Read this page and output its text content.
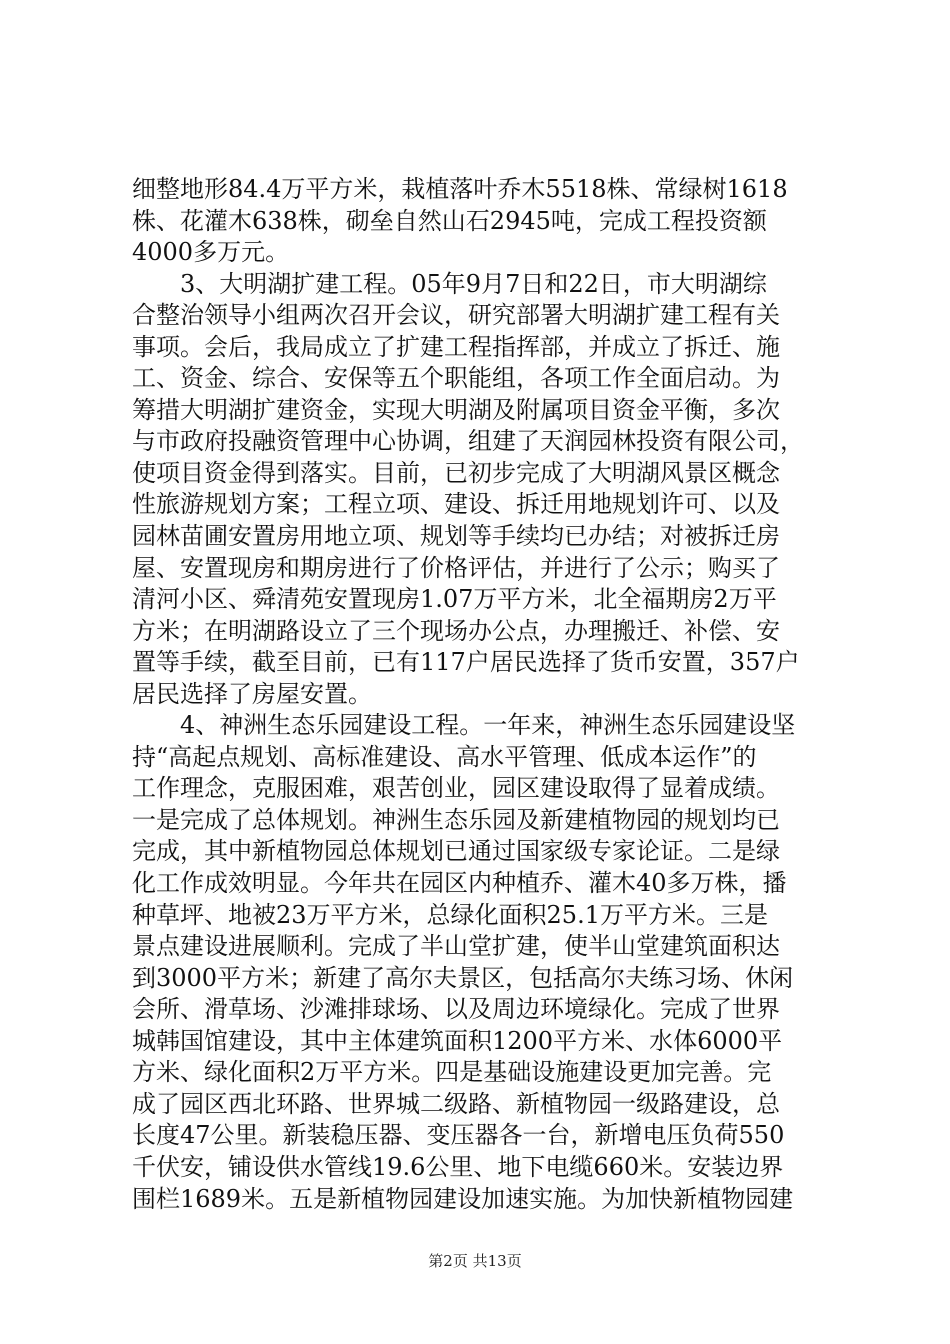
细整地形84.4万平方米，栽植落叶乔木5518株、常绿树1618
株、花灌木638株，砌垒自然山石2945吨，完成工程投资额
4000多万元。
　　3、大明湖扩建工程。05年9月7日和22日，市大明湖综
合整治领导小组两次召开会议，研究部署大明湖扩建工程有关
事项。会后，我局成立了扩建工程指挥部，并成立了拆迁、施
工、资金、综合、安保等五个职能组，各项工作全面启动。为
筹措大明湖扩建资金，实现大明湖及附属项目资金平衡，多次
与市政府投融资管理中心协调，组建了天润园林投资有限公司，
使项目资金得到落实。目前，已初步完成了大明湖风景区概念
性旅游规划方案；工程立项、建设、拆迁用地规划许可、以及
园林苗圃安置房用地立项、规划等手续均已办结；对被拆迁房
屋、安置现房和期房进行了价格评估，并进行了公示；购买了
清河小区、舜清苑安置现房1.07万平方米，北全福期房2万平
方米；在明湖路设立了三个现场办公点，办理搬迁、补偿、安
置等手续，截至目前，已有117户居民选择了货币安置，357户
居民选择了房屋安置。
　　4、神洲生态乐园建设工程。一年来，神洲生态乐园建设坚
持“高起点规划、高标准建设、高水平管理、低成本运作”的
工作理念，克服困难，艰苦创业，园区建设取得了显着成绩。
一是完成了总体规划。神洲生态乐园及新建植物园的规划均已
完成，其中新植物园总体规划已通过国家级专家论证。二是绿
化工作成效明显。今年共在园区内种植乔、灌木40多万株，播
种草坪、地被23万平方米，总绿化面积25.1万平方米。三是
景点建设进展顺利。完成了半山堂扩建，使半山堂建筑面积达
到3000平方米；新建了高尔夫景区，包括高尔夫练习场、休闲
会所、滑草场、沙滩排球场、以及周边环境绿化。完成了世界
城韩国馆建设，其中主体建筑面积1200平方米、水体6000平
方米、绿化面积2万平方米。四是基础设施建设更加完善。完
成了园区西北环路、世界城二级路、新植物园一级路建设，总
长度47公里。新装稳压器、变压器各一台，新增电压负荷550
千伏安，铺设供水管线19.6公里、地下电缆660米。安装边界
围栏1689米。五是新植物园建设加速实施。为加快新植物园建
第2页 共13页
